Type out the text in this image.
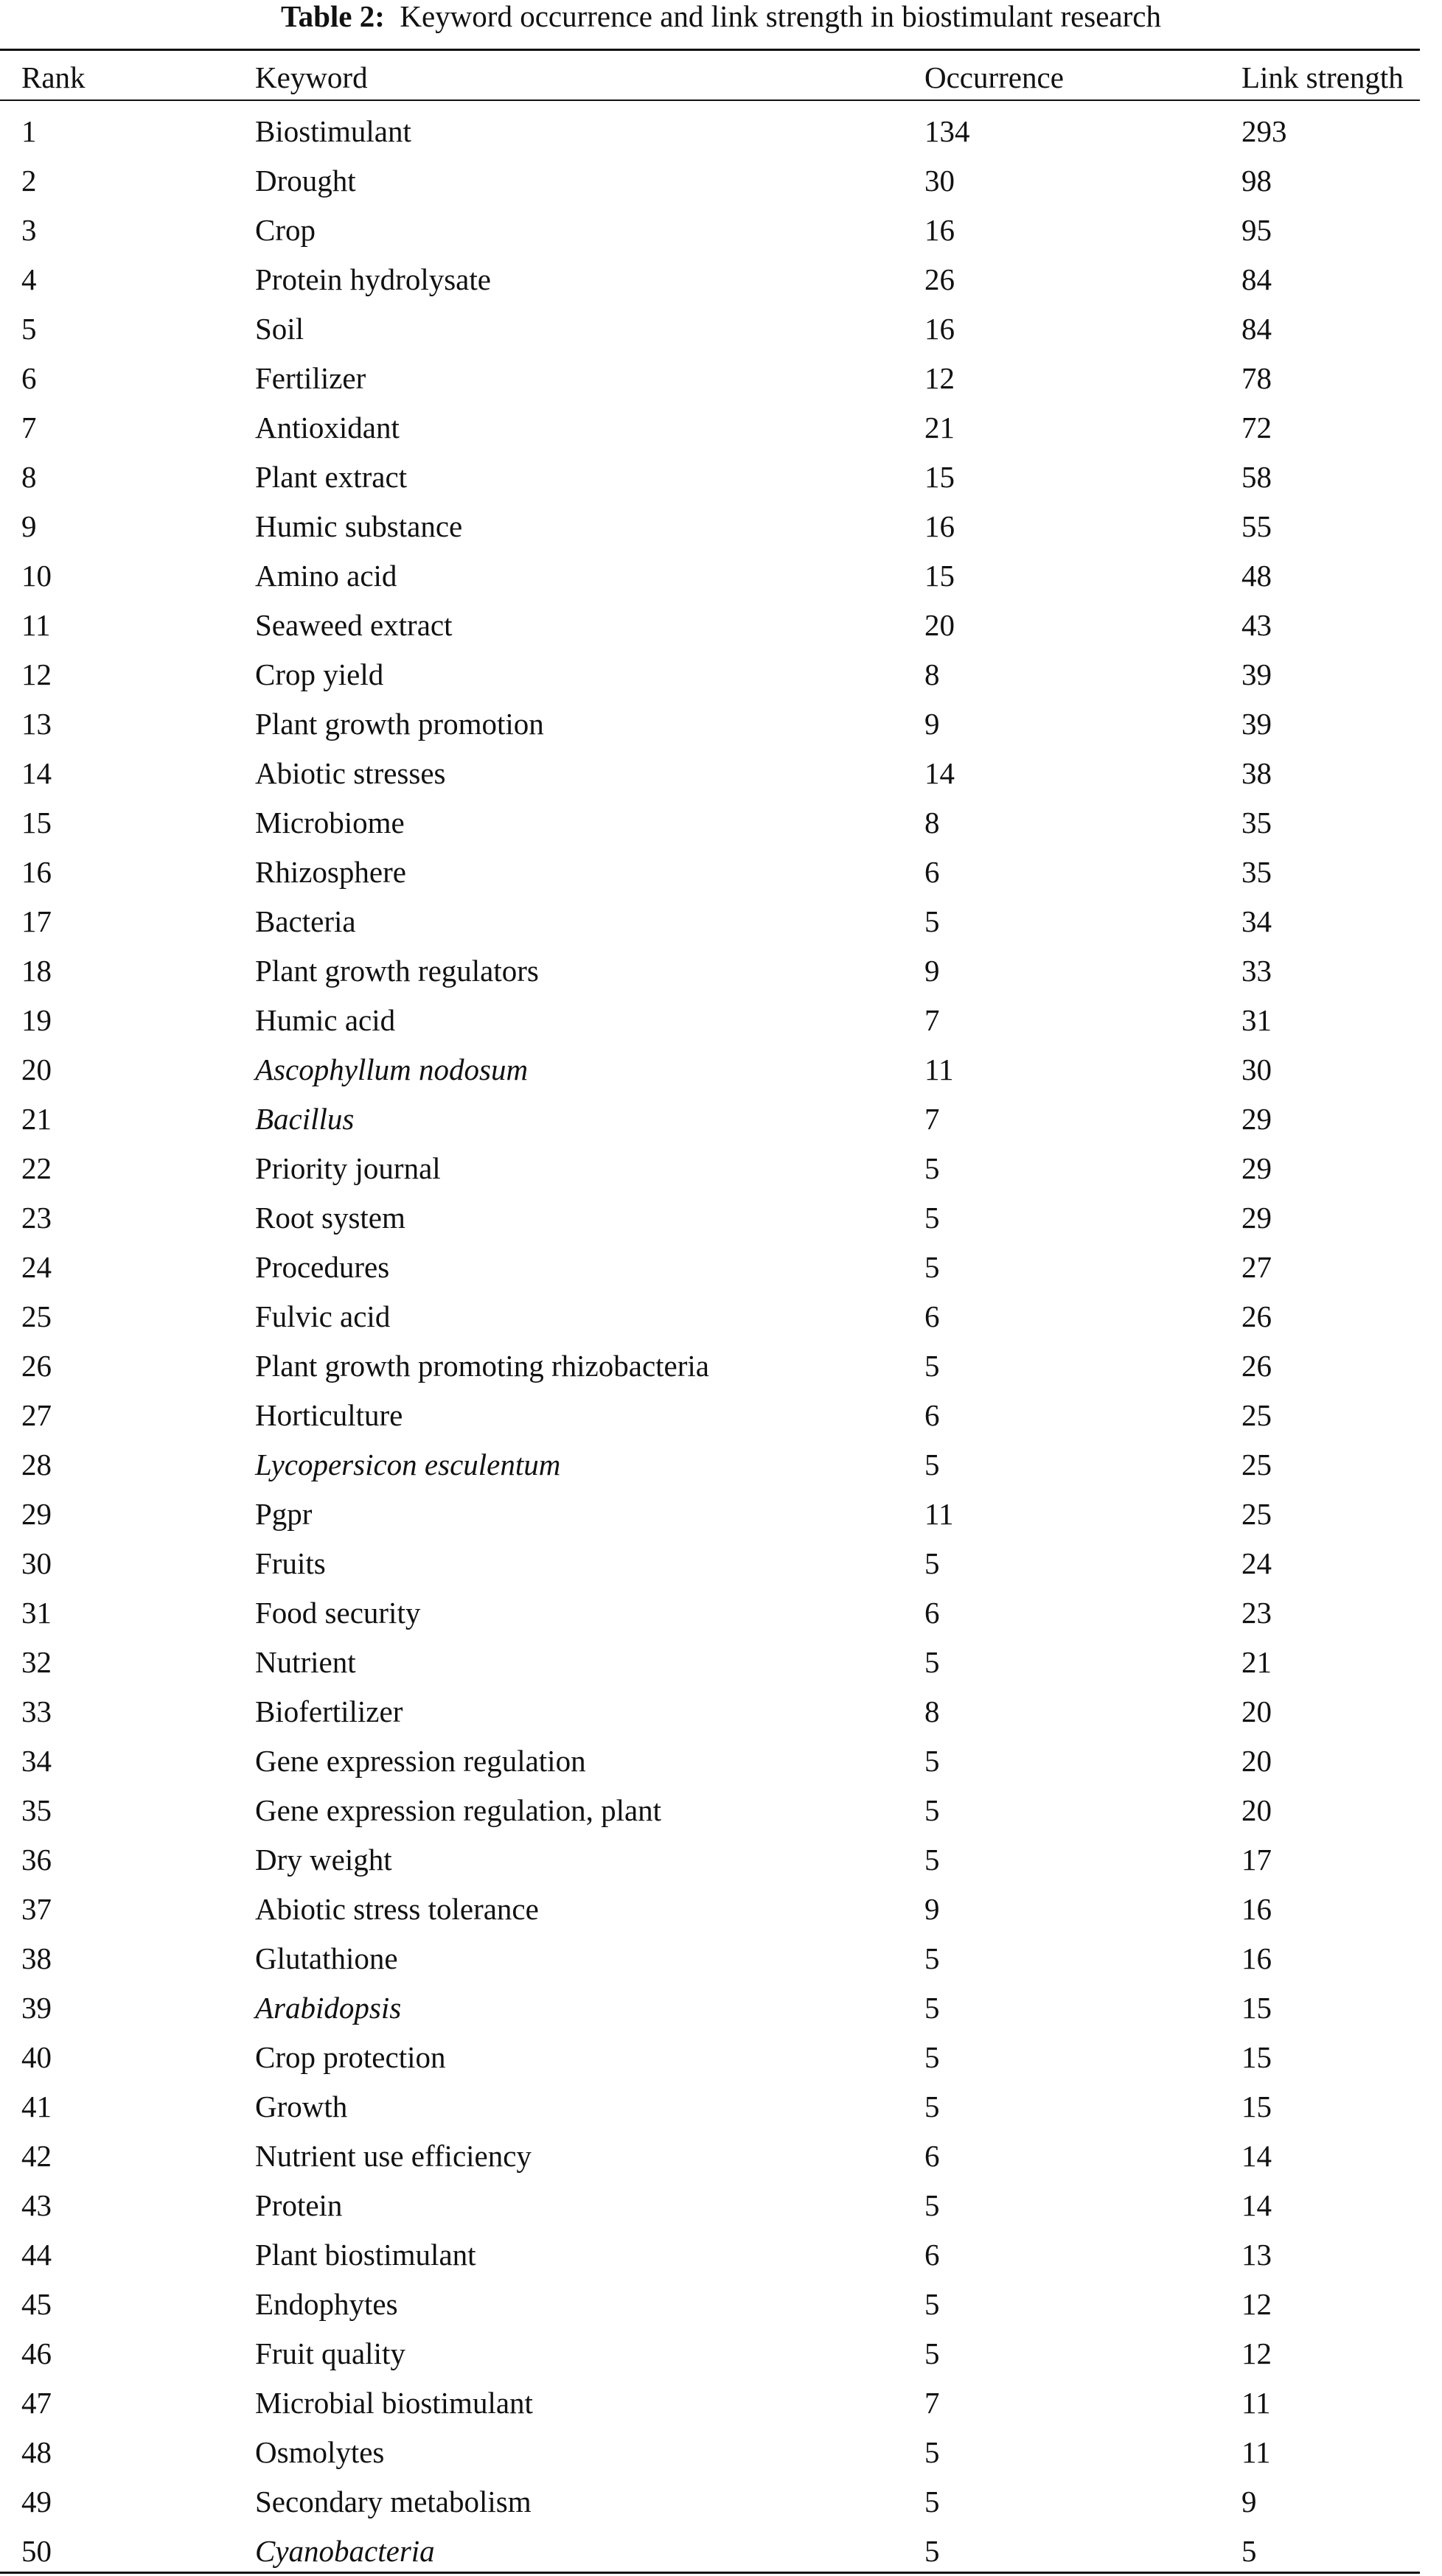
Table 2: Keyword occurrence and link strength in biostimulant research
Rank	Keyword	Occurrence	Link strength
1	Biostimulant	134	293
2	Drought	30	98
3	Crop	16	95
4	Protein hydrolysate	26	84
5	Soil	16	84
6	Fertilizer	12	78
7	Antioxidant	21	72
8	Plant extract	15	58
9	Humic substance	16	55
10	Amino acid	15	48
11	Seaweed extract	20	43
12	Crop yield	8	39
13	Plant growth promotion	9	39
14	Abiotic stresses	14	38
15	Microbiome	8	35
16	Rhizosphere	6	35
17	Bacteria	5	34
18	Plant growth regulators	9	33
19	Humic acid	7	31
20	Ascophyllum nodosum	11	30
21	Bacillus	7	29
22	Priority journal	5	29
23	Root system	5	29
24	Procedures	5	27
25	Fulvic acid	6	26
26	Plant growth promoting rhizobacteria	5	26
27	Horticulture	6	25
28	Lycopersicon esculentum	5	25
29	Pgpr	11	25
30	Fruits	5	24
31	Food security	6	23
32	Nutrient	5	21
33	Biofertilizer	8	20
34	Gene expression regulation	5	20
35	Gene expression regulation, plant	5	20
36	Dry weight	5	17
37	Abiotic stress tolerance	9	16
38	Glutathione	5	16
39	Arabidopsis	5	15
40	Crop protection	5	15
41	Growth	5	15
42	Nutrient use efficiency	6	14
43	Protein	5	14
44	Plant biostimulant	6	13
45	Endophytes	5	12
46	Fruit quality	5	12
47	Microbial biostimulant	7	11
48	Osmolytes	5	11
49	Secondary metabolism	5	9
50	Cyanobacteria	5	5
